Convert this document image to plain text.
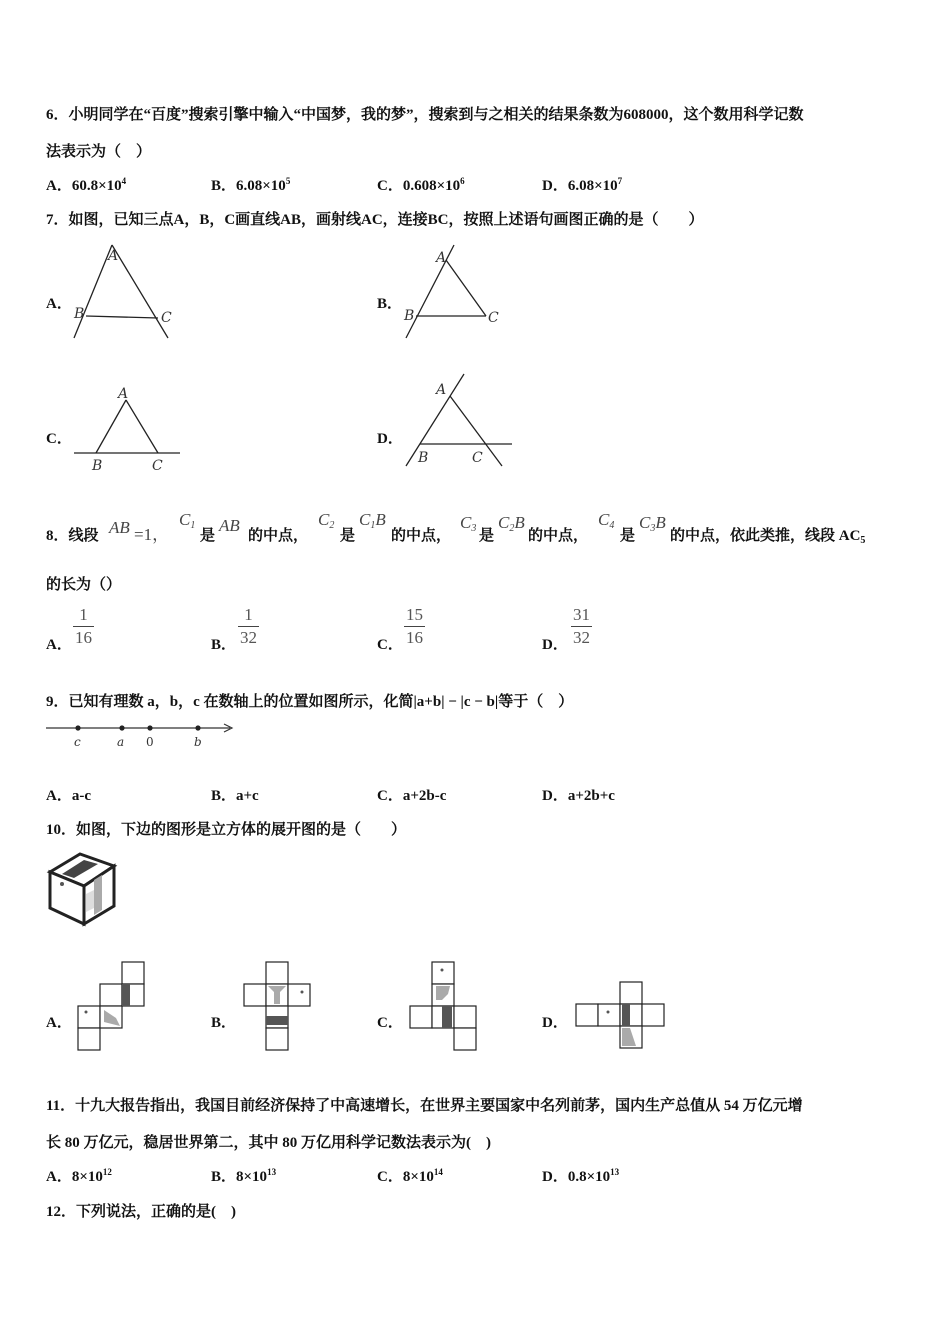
6．小明同学在“百度”搜索引擎中输入“中国梦，我的梦”，搜索到与之相关的结果条数为608000，这个数用科学记数
法表示为（　）
A．$60.8\times 10^4$	B．$6.08\times 10^5$	C．$0.608\times 10^6$	D．$6.08\times 10^7$
7．如图，已知三点A，B，C画直线AB，画射线AC，连接BC，按照上述语句画图正确的是（　　）
A．
A
B	C
B．
A
B	C
C．
A
B	C
D．
A
B	C
8．线段 AB =1，
$C_1$
是
AB
的中点，
$C_2$
是
$C_1B$
的中点，
$C_3$ 是
$C_2B$
的中点，
$C_4$
是
$C_3B$
的中点，依此类推，线段 $AC_5$
的长为（）
A．
1
16	B．
1
32	C．
15
16	D．
31
32
9．已知有理数 a，b，c 在数轴上的位置如图所示，化简|a+b| − |c − b|等于（　）
c	a 0	b
A．a-c	B．a+c	C．a+2b-c	D．a+2b+c
10．如图，下边的图形是立方体的展开图的是（　　）
A．	B．	C．	D．
11．十九大报告指出，我国目前经济保持了中高速增长，在世界主要国家中名列前茅，国内生产总值从 54 万亿元增
长 80 万亿元，稳居世界第二，其中 80 万亿用科学记数法表示为(　)
A．$8\times 10^{12}$	B．$8\times 10^{13}$	C．$8\times 10^{14}$	D．$0.8\times 10^{13}$
12．下列说法，正确的是(　)
